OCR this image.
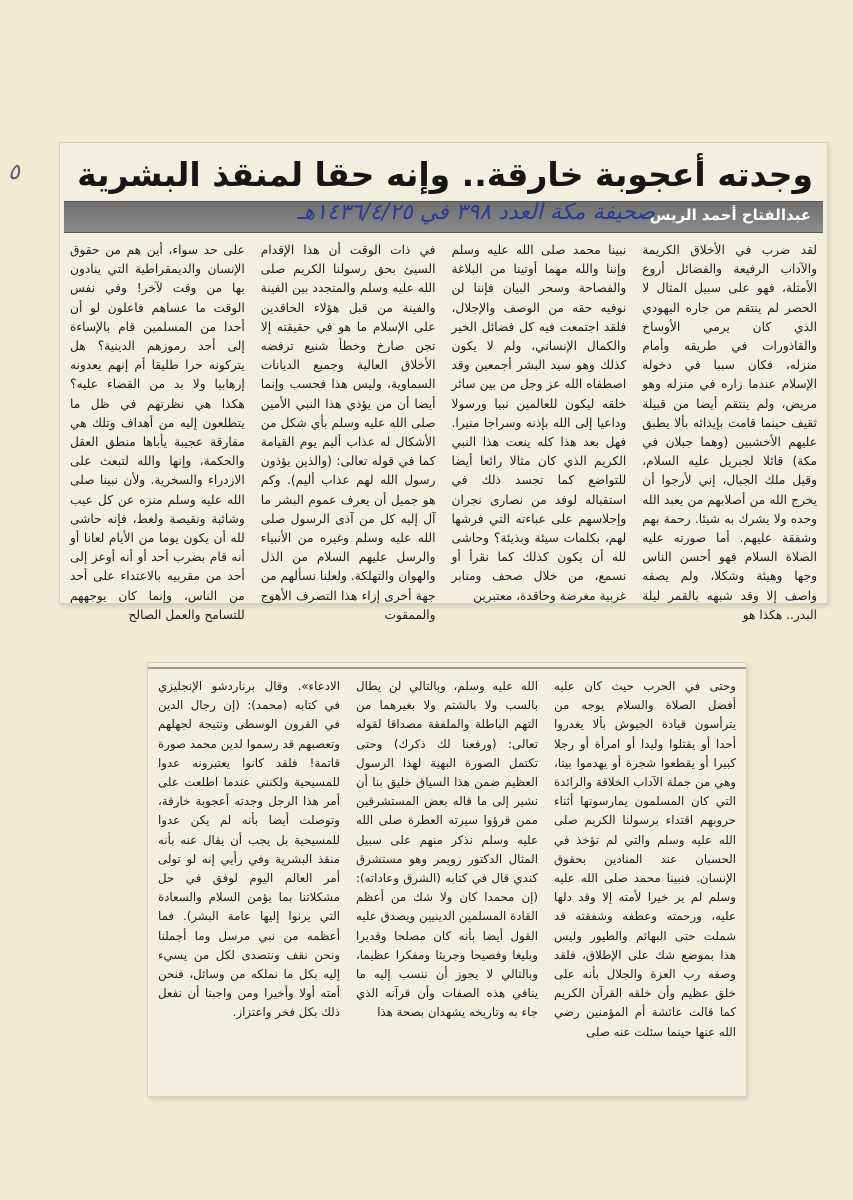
٥	وجدته أعجوبة خارقة.. وإنه حقا لمنقذ البشرية
عبدالفتاح أحمد الريس
صحيفة مكة العدد ٣٩٨ في ١٤٣٦/٤/٢٥هـ

لقد ضرب في الأخلاق الكريمة والآداب الرفيعة والفضائل أروع الأمثلة، فهو على سبيل المثال لا الحصر لم ينتقم من جاره اليهودي الذي كان يرمي الأوساخ والقاذورات في طريقه وأمام منزله، فكان سببا في دخوله الإسلام عندما زاره في منزله وهو مريض، ولم ينتقم أيضا من قبيلة ثقيف حينما قامت بإيذائه بألا يطبق عليهم الأخشبين (وهما جبلان في مكة) قائلا لجبريل عليه السلام، وقيل ملك الجبال، إني لأرجوا أن يخرج الله من أصلابهم من يعبد الله وحده ولا يشرك به شيئا. رحمة بهم وشفقة عليهم. أما صورته عليه الصلاة السلام فهو أحسن الناس وجها وهيئة وشكلا، ولم يصفه واصف إلا وقد شبهه بالقمر ليلة البدر.. هكذا هو

نبينا محمد صلى الله عليه وسلم وإننا والله مهما أوتينا من البلاغة والفصاحة وسحر البيان فإننا لن نوفيه حقه من الوصف والإجلال، فلقد اجتمعت فيه كل فضائل الخير والكمال الإنساني، ولم لا يكون كذلك وهو سيد البشر أجمعين وقد اصطفاه الله عز وجل من بين سائر خلقه ليكون للعالمين نبيا ورسولا وداعيا إلى الله بإذنه وسراجا منيرا. فهل بعد هذا كله ينعت هذا النبي الكريم الذي كان مثالا رائعا أيضا للتواضع كما تجسد ذلك في استقباله لوفد من نصارى نجران وإجلاسهم على عباءته التي فرشها لهم، بكلمات سيئة وبذيئة؟ وحاشى لله أن يكون كذلك كما نقرأ أو نسمع، من خلال صحف ومنابر غربية مغرضة وحاقدة، معتبرين

في ذات الوقت أن هذا الإقدام السيئ بحق رسولنا الكريم صلى الله عليه وسلم والمتجدد بين الفينة والفينة من قبل هؤلاء الحاقدين على الإسلام ما هو في حقيقته إلا تجن صارخ وخطأ شنيع ترفضه الأخلاق العالية وجميع الديانات السماوية، وليس هذا فحسب وإنما أيضا أن من يؤذي هذا النبي الأمين صلى الله عليه وسلم بأي شكل من الأشكال له عذاب أليم يوم القيامة كما في قوله تعالى: (والذين يؤذون رسول الله لهم عذاب أليم). وكم هو جميل أن يعرف عموم البشر ما آل إليه كل من آذى الرسول صلى الله عليه وسلم وغيره من الأنبياء والرسل عليهم السلام من الذل والهوان والتهلكة. ولعلنا نسألهم من جهة أخرى إزاء هذا التصرف الأهوج والممقوت

على حد سواء، أين هم من حقوق الإنسان والديمقراطية التي ينادون بها من وقت لآخر! وفي نفس الوقت ما عساهم فاعلون لو أن أحدا من المسلمين قام بالإساءة إلى أحد رموزهم الدينية؟ هل يتركونه حرا طليقا أم إنهم يعدونه إرهابيا ولا بد من القضاء عليه؟ هكذا هي نظرتهم في ظل ما يتطلعون إليه من أهداف وتلك هي مفارقة عجيبة يأباها منطق العقل والحكمة، وإنها والله لتبعث على الازدراء والسخرية. ولأن نبينا صلى الله عليه وسلم منزه عن كل عيب وشائبة ونقيصة ولغط، فإنه حاشى لله أن يكون يوما من الأيام لعانا أو أنه قام بضرب أحد أو أنه أوعز إلى أحد من مقربيه بالاعتداء على أحد من الناس، وإنما كان يوجههم للتسامح والعمل الصالح

وحتى في الحرب حيث كان عليه أفضل الصلاة والسلام يوجه من يترأسون قيادة الجيوش بألا يغدروا أحدا أو يقتلوا وليدا أو امرأة أو رجلا كبيرا أو يقطعوا شجرة أو يهدموا بيتا، وهي من جملة الآداب الخلاقة والرائدة التي كان المسلمون يمارسونها أثناء حروبهم اقتداء برسولنا الكريم صلى الله عليه وسلم والتي لم تؤخذ في الحسبان عند المنادين بحقوق الإنسان. فنبينا محمد صلى الله عليه وسلم لم ير خيرا لأمته إلا وقد دلها عليه، ورحمته وعطفه وشفقته قد شملت حتى البهائم والطيور وليس هذا بموضع شك على الإطلاق، فلقد وصفه رب العزة والجلال بأنه على خلق عظيم وأن خلقه القرآن الكريم كما قالت عائشة أم المؤمنين رضي الله عنها حينما سئلت عنه صلى

الله عليه وسلم، وبالتالي لن يطال بالسب ولا بالشتم ولا بغيرهما من التهم الباطلة والملفقة مصداقا لقوله تعالى: (ورفعنا لك ذكرك) وحتى تكتمل الصورة البهية لهذا الرسول العظيم ضمن هذا السياق خليق بنا أن نشير إلى ما قاله بعض المستشرقين ممن قرؤوا سيرته العطرة صلى الله عليه وسلم نذكر منهم على سبيل المثال الدكتور زويمر وهو مستشرق كندي قال في كتابه (الشرق وعاداته): (إن محمدا كان ولا شك من أعظم القادة المسلمين الدينيين ويصدق عليه القول أيضا بأنه كان مصلحا وقديرا وبليغا وفصيحا وجريئا ومفكرا عظيما، وبالتالي لا يجوز أن ننسب إليه ما ينافي هذه الصفات وأن قرآنه الذي جاء به وتاريخه يشهدان بصحة هذا

الادعاء». وقال برناردشو الإنجليزي في كتابه (محمد): (إن رجال الدين في القرون الوسطى ونتيجة لجهلهم وتعصبهم قد رسموا لدين محمد صورة قاتمة! فلقد كانوا يعتبرونه عدوا للمسيحية ولكنني عندما اطلعت على أمر هذا الرجل وجدته أعجوبة خارقة، وتوصلت أيضا بأنه لم يكن عدوا للمسيحية بل يجب أن يقال عنه بأنه منقذ البشرية وفي رأيي إنه لو تولى أمر العالم اليوم لوفق في حل مشكلاتنا بما يؤمن السلام والسعادة التي يرنوا إليها عامة البشر). فما أعظمه من نبي مرسل وما أجملنا ونحن نقف ونتصدى لكل من يسيء إليه بكل ما نملكه من وسائل، فنحن أمته أولا وأخيرا ومن واجبنا أن نفعل ذلك بكل فخر واعتزاز.
